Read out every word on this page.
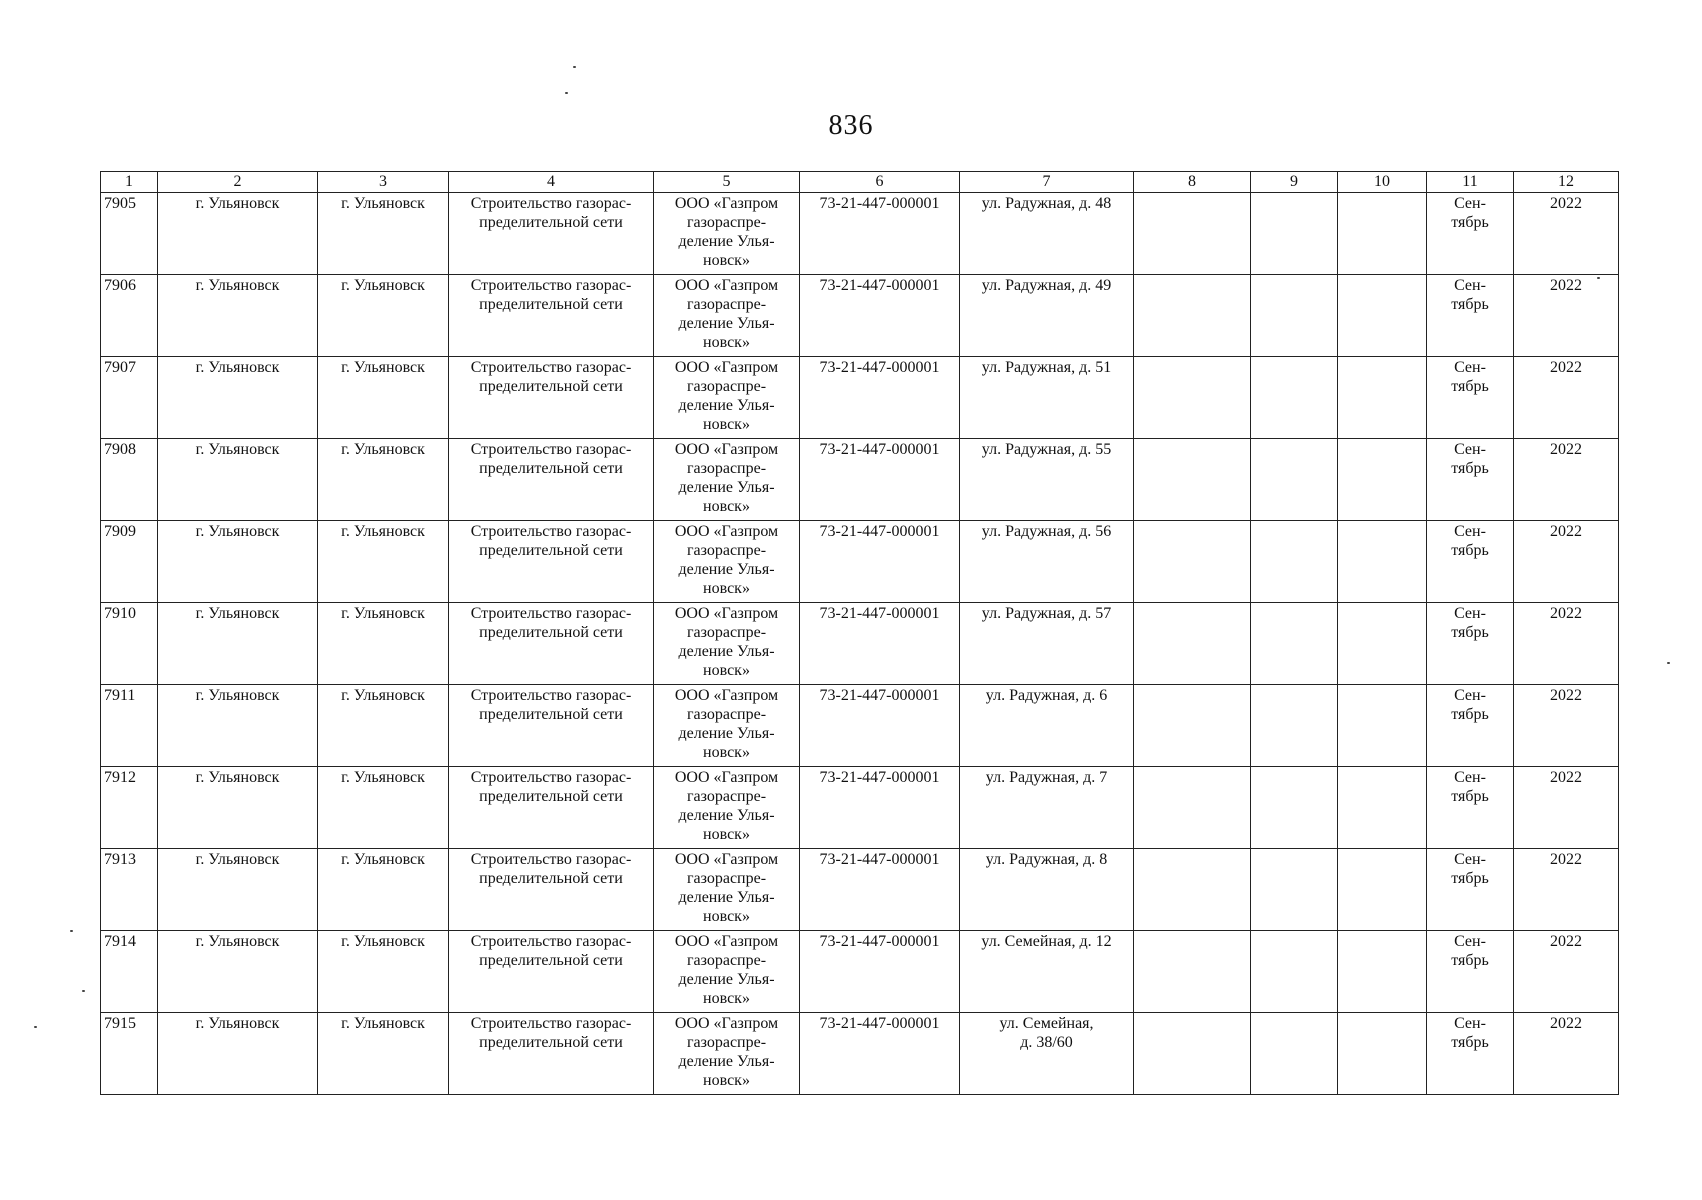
836
1	2	3	4	5	6	7	8	9	10	11	12
7905	г. Ульяновск	г. Ульяновск	Строительство газорас-
пределительной сети	ООО «Газпром
газораспре-
деление Улья-
новск»	73-21-447-000001	ул. Радужная, д. 48				Сен-
тябрь	2022
7906	г. Ульяновск	г. Ульяновск	Строительство газорас-
пределительной сети	ООО «Газпром
газораспре-
деление Улья-
новск»	73-21-447-000001	ул. Радужная, д. 49				Сен-
тябрь	2022
7907	г. Ульяновск	г. Ульяновск	Строительство газорас-
пределительной сети	ООО «Газпром
газораспре-
деление Улья-
новск»	73-21-447-000001	ул. Радужная, д. 51				Сен-
тябрь	2022
7908	г. Ульяновск	г. Ульяновск	Строительство газорас-
пределительной сети	ООО «Газпром
газораспре-
деление Улья-
новск»	73-21-447-000001	ул. Радужная, д. 55				Сен-
тябрь	2022
7909	г. Ульяновск	г. Ульяновск	Строительство газорас-
пределительной сети	ООО «Газпром
газораспре-
деление Улья-
новск»	73-21-447-000001	ул. Радужная, д. 56				Сен-
тябрь	2022
7910	г. Ульяновск	г. Ульяновск	Строительство газорас-
пределительной сети	ООО «Газпром
газораспре-
деление Улья-
новск»	73-21-447-000001	ул. Радужная, д. 57				Сен-
тябрь	2022
7911	г. Ульяновск	г. Ульяновск	Строительство газорас-
пределительной сети	ООО «Газпром
газораспре-
деление Улья-
новск»	73-21-447-000001	ул. Радужная, д. 6				Сен-
тябрь	2022
7912	г. Ульяновск	г. Ульяновск	Строительство газорас-
пределительной сети	ООО «Газпром
газораспре-
деление Улья-
новск»	73-21-447-000001	ул. Радужная, д. 7				Сен-
тябрь	2022
7913	г. Ульяновск	г. Ульяновск	Строительство газорас-
пределительной сети	ООО «Газпром
газораспре-
деление Улья-
новск»	73-21-447-000001	ул. Радужная, д. 8				Сен-
тябрь	2022
7914	г. Ульяновск	г. Ульяновск	Строительство газорас-
пределительной сети	ООО «Газпром
газораспре-
деление Улья-
новск»	73-21-447-000001	ул. Семейная, д. 12				Сен-
тябрь	2022
7915	г. Ульяновск	г. Ульяновск	Строительство газорас-
пределительной сети	ООО «Газпром
газораспре-
деление Улья-
новск»	73-21-447-000001	ул. Семейная,
д. 38/60				Сен-
тябрь	2022
